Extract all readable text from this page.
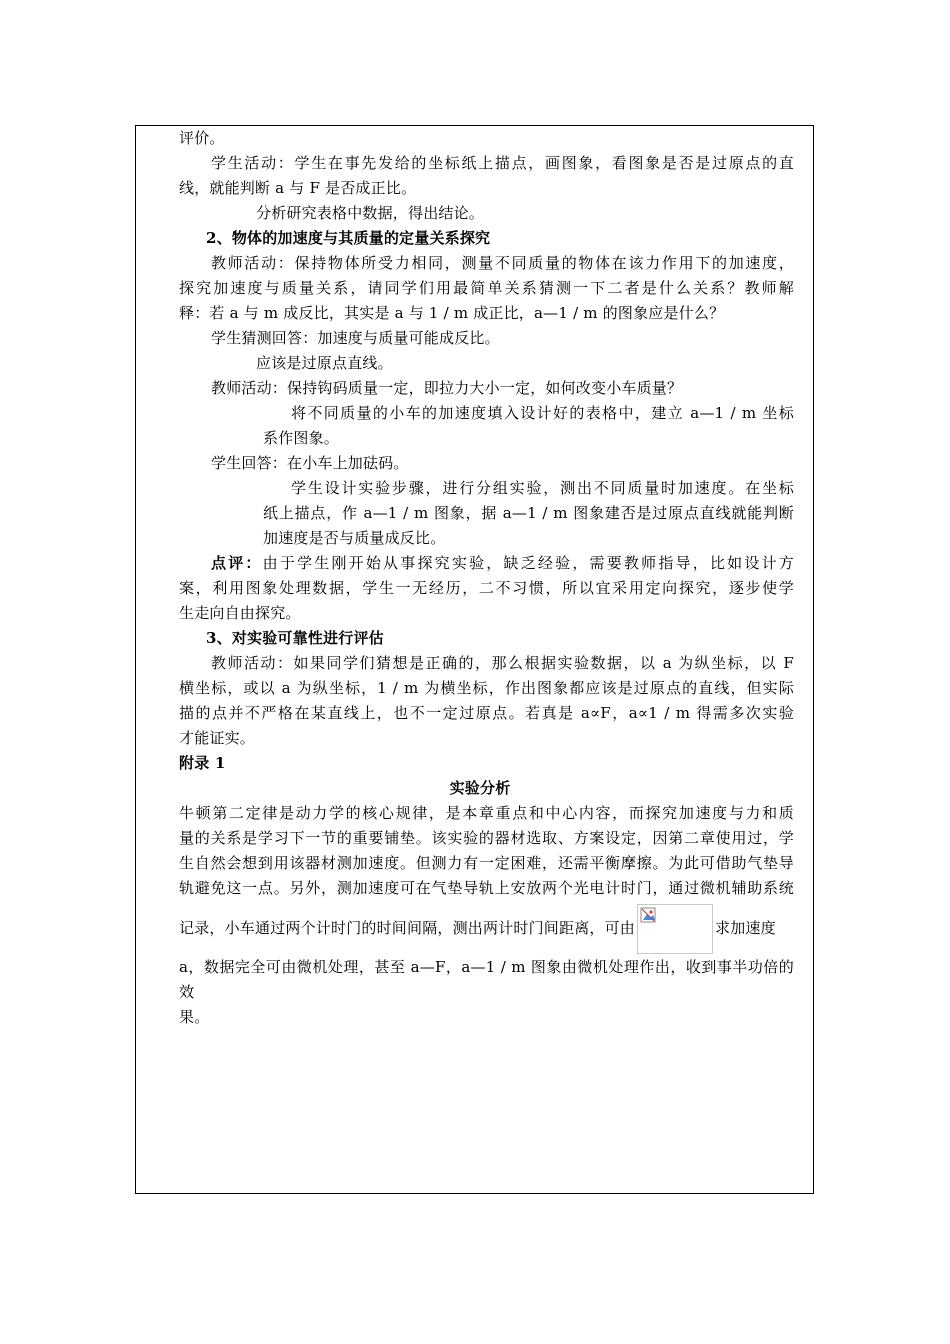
评价。
学生活动：学生在事先发给的坐标纸上描点，画图象，看图象是否是过原点的直
线，就能判断 a 与 F 是否成正比。
分析研究表格中数据，得出结论。
2、物体的加速度与其质量的定量关系探究
教师活动：保持物体所受力相同，测量不同质量的物体在该力作用下的加速度，
探究加速度与质量关系，请同学们用最简单关系猜测一下二者是什么关系？教师解
释：若 a 与 m 成反比，其实是 a 与 1 / m 成正比，a—1 / m 的图象应是什么？
学生猜测回答：加速度与质量可能成反比。
应该是过原点直线。
教师活动：保持钩码质量一定，即拉力大小一定，如何改变小车质量？
将不同质量的小车的加速度填入设计好的表格中，建立 a—1 / m 坐标
系作图象。
学生回答：在小车上加砝码。
学生设计实验步骤，进行分组实验，测出不同质量时加速度。在坐标
纸上描点，作 a—1 / m 图象，据 a—1 / m 图象建否是过原点直线就能判断
加速度是否与质量成反比。
点评：由于学生刚开始从事探究实验，缺乏经验，需要教师指导，比如设计方
案，利用图象处理数据，学生一无经历，二不习惯，所以宜采用定向探究，逐步使学
生走向自由探究。
3、对实验可靠性进行评估
教师活动：如果同学们猜想是正确的，那么根据实验数据，以 a 为纵坐标，以 F
横坐标，或以 a 为纵坐标，1 / m 为横坐标，作出图象都应该是过原点的直线，但实际
描的点并不严格在某直线上，也不一定过原点。若真是 a∝F，a∝1 / m 得需多次实验
才能证实。
附录 1
实验分析
牛顿第二定律是动力学的核心规律，是本章重点和中心内容，而探究加速度与力和质
量的关系是学习下一节的重要铺垫。该实验的器材选取、方案设定，因第二章使用过，学
生自然会想到用该器材测加速度。但测力有一定困难，还需平衡摩擦。为此可借助气垫导
轨避免这一点。另外，测加速度可在气垫导轨上安放两个光电计时门，通过微机辅助系统
记录，小车通过两个计时门的时间间隔，测出两计时门间距离，可由	求加速度
a，数据完全可由微机处理，甚至 a—F，a—1 / m 图象由微机处理作出，收到事半功倍的效
果。
